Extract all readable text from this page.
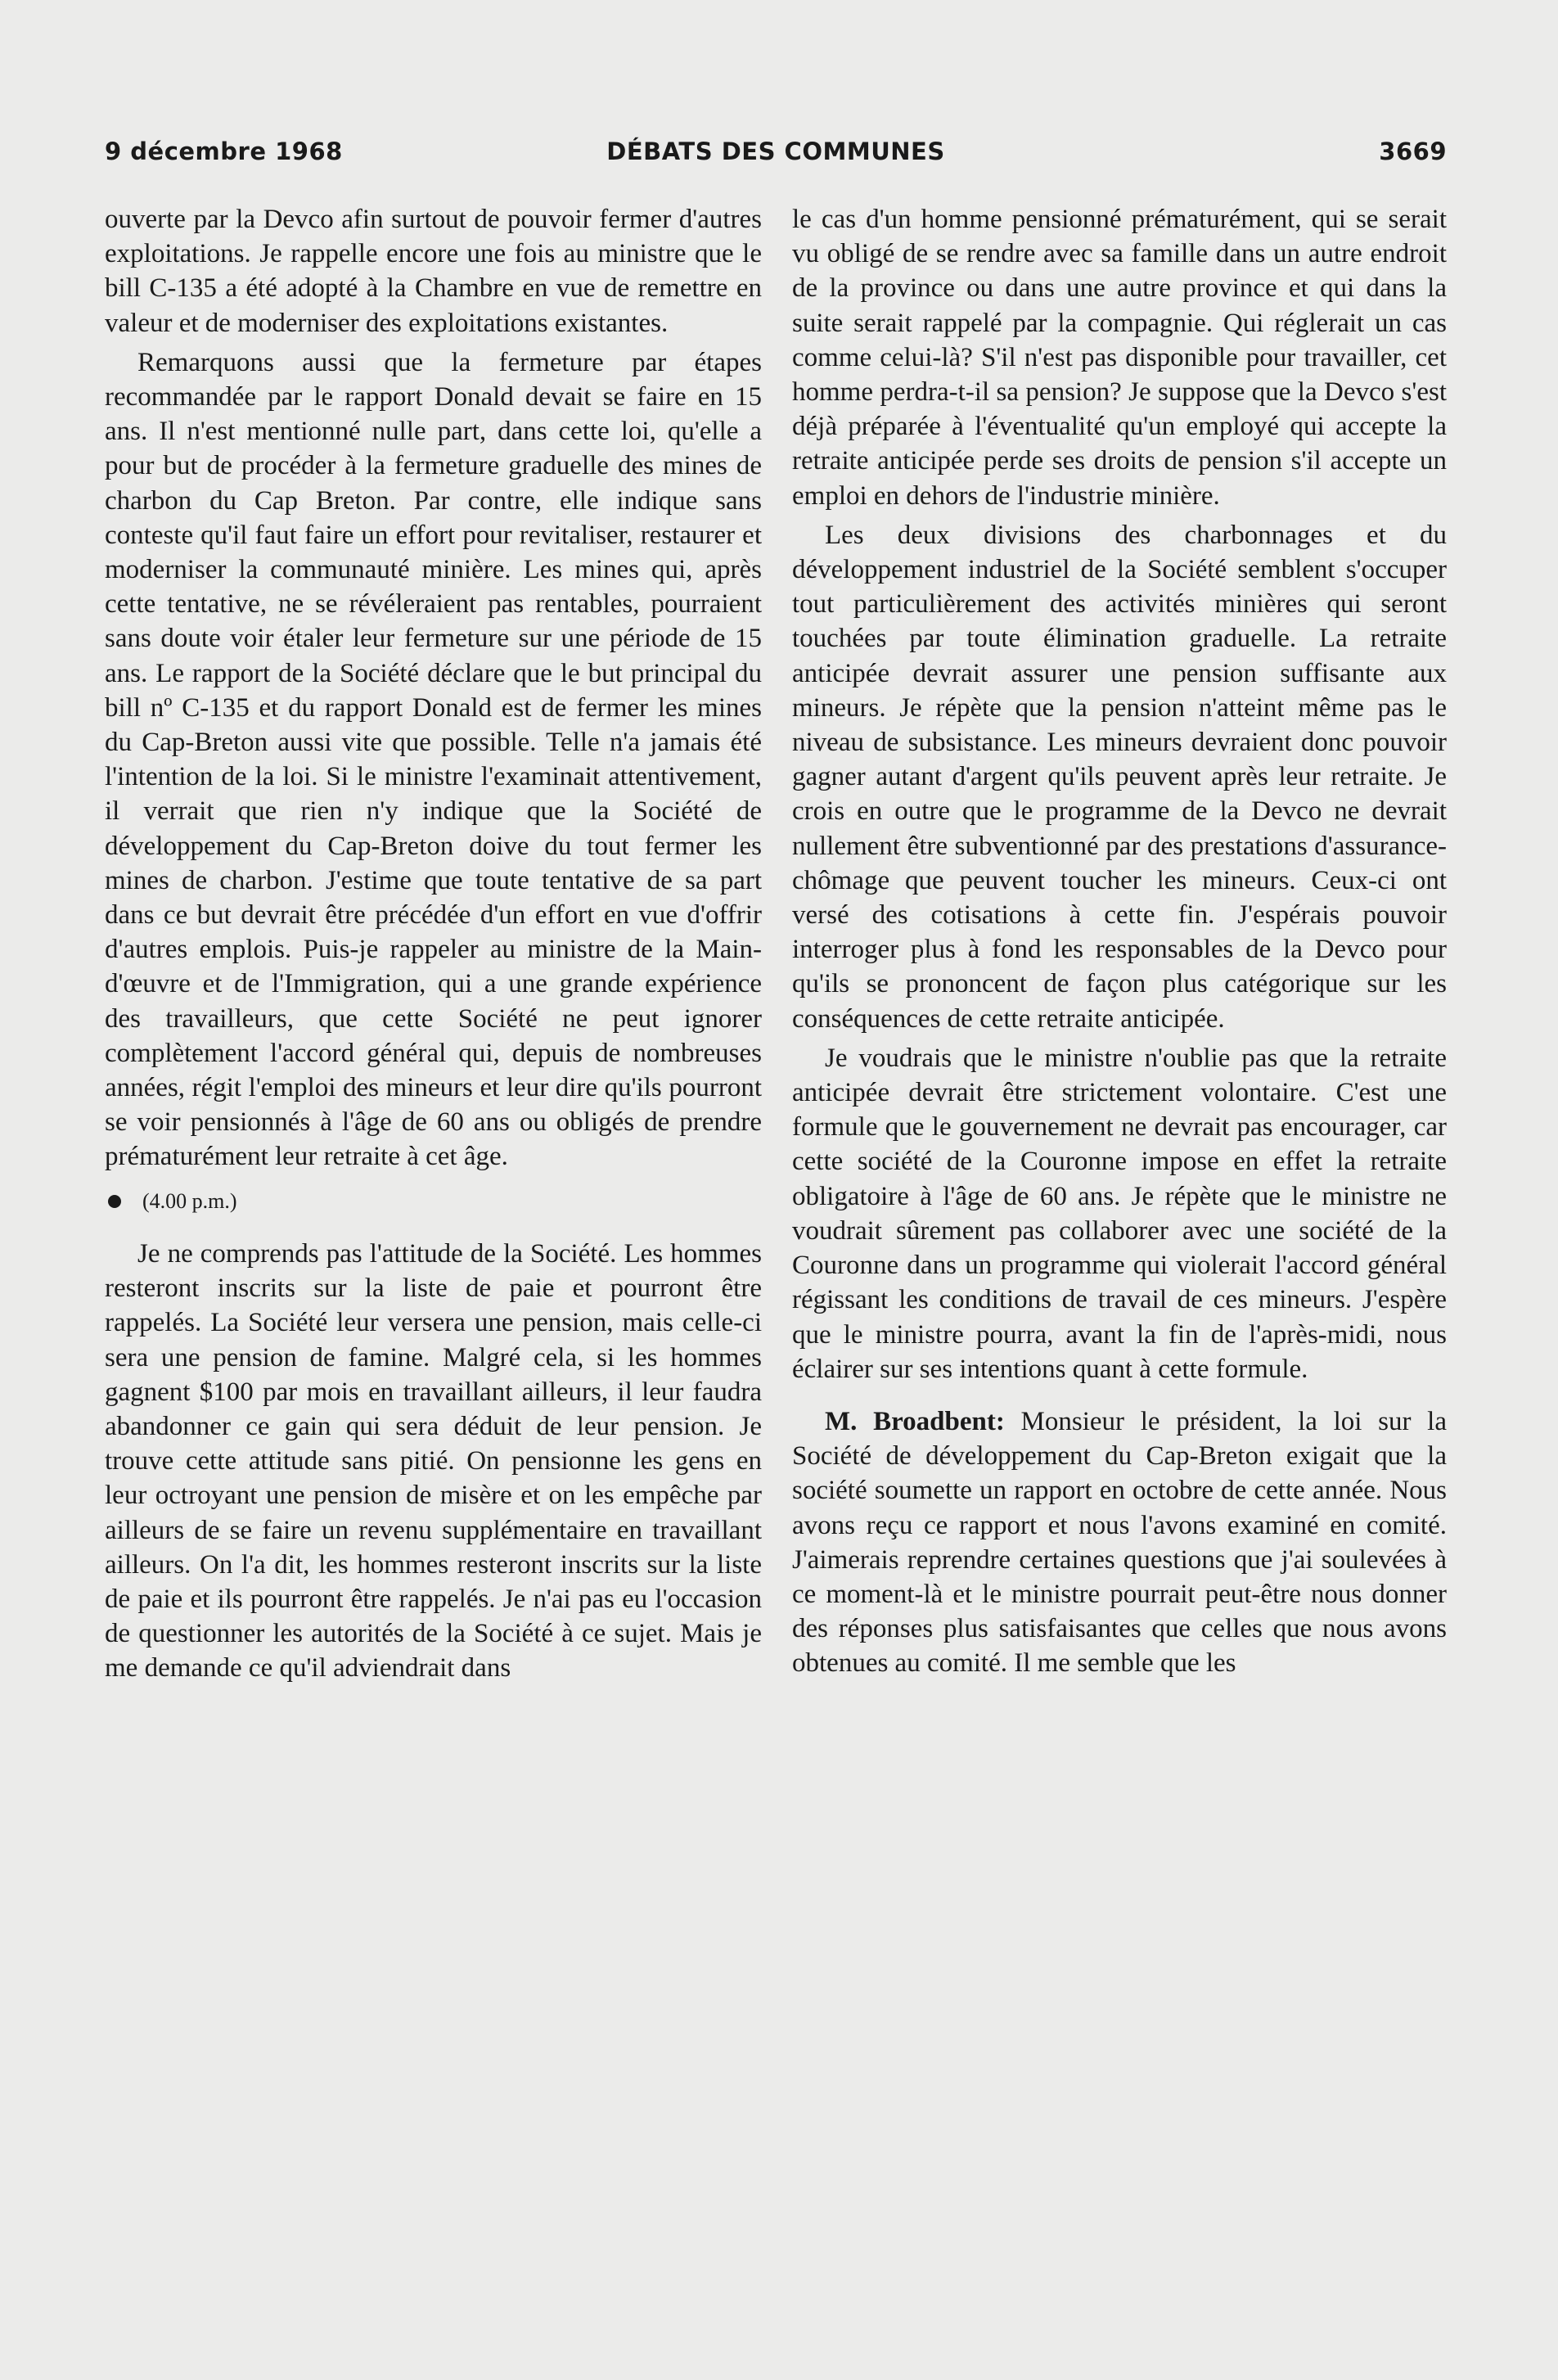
9 décembre 1968	DÉBATS DES COMMUNES	3669

ouverte par la Devco afin surtout de pouvoir fermer d'autres exploitations. Je rappelle encore une fois au ministre que le bill C-135 a été adopté à la Chambre en vue de remettre en valeur et de moderniser des exploitations existantes.

Remarquons aussi que la fermeture par étapes recommandée par le rapport Donald devait se faire en 15 ans. Il n'est mentionné nulle part, dans cette loi, qu'elle a pour but de procéder à la fermeture graduelle des mines de charbon du Cap Breton. Par contre, elle indique sans conteste qu'il faut faire un effort pour revitaliser, restaurer et moderniser la communauté minière. Les mines qui, après cette tentative, ne se révéleraient pas rentables, pourraient sans doute voir étaler leur fermeture sur une période de 15 ans. Le rapport de la Société déclare que le but principal du bill nº C-135 et du rapport Donald est de fermer les mines du Cap-Breton aussi vite que possible. Telle n'a jamais été l'intention de la loi. Si le ministre l'examinait attentivement, il verrait que rien n'y indique que la Société de développement du Cap-Breton doive du tout fermer les mines de charbon. J'estime que toute tentative de sa part dans ce but devrait être précédée d'un effort en vue d'offrir d'autres emplois. Puis-je rappeler au ministre de la Main-d'œuvre et de l'Immigration, qui a une grande expérience des travailleurs, que cette Société ne peut ignorer complètement l'accord général qui, depuis de nombreuses années, régit l'emploi des mineurs et leur dire qu'ils pourront se voir pensionnés à l'âge de 60 ans ou obligés de prendre prématurément leur retraite à cet âge.

(4.00 p.m.)

Je ne comprends pas l'attitude de la Société. Les hommes resteront inscrits sur la liste de paie et pourront être rappelés. La Société leur versera une pension, mais celle-ci sera une pension de famine. Malgré cela, si les hommes gagnent $100 par mois en travaillant ailleurs, il leur faudra abandonner ce gain qui sera déduit de leur pension. Je trouve cette attitude sans pitié. On pensionne les gens en leur octroyant une pension de misère et on les empêche par ailleurs de se faire un revenu supplémentaire en travaillant ailleurs. On l'a dit, les hommes resteront inscrits sur la liste de paie et ils pourront être rappelés. Je n'ai pas eu l'occasion de questionner les autorités de la Société à ce sujet. Mais je me demande ce qu'il adviendrait dans

le cas d'un homme pensionné prématurément, qui se serait vu obligé de se rendre avec sa famille dans un autre endroit de la province ou dans une autre province et qui dans la suite serait rappelé par la compagnie. Qui réglerait un cas comme celui-là? S'il n'est pas disponible pour travailler, cet homme perdra-t-il sa pension? Je suppose que la Devco s'est déjà préparée à l'éventualité qu'un employé qui accepte la retraite anticipée perde ses droits de pension s'il accepte un emploi en dehors de l'industrie minière.

Les deux divisions des charbonnages et du développement industriel de la Société semblent s'occuper tout particulièrement des activités minières qui seront touchées par toute élimination graduelle. La retraite anticipée devrait assurer une pension suffisante aux mineurs. Je répète que la pension n'atteint même pas le niveau de subsistance. Les mineurs devraient donc pouvoir gagner autant d'argent qu'ils peuvent après leur retraite. Je crois en outre que le programme de la Devco ne devrait nullement être subventionné par des prestations d'assurance-chômage que peuvent toucher les mineurs. Ceux-ci ont versé des cotisations à cette fin. J'espérais pouvoir interroger plus à fond les responsables de la Devco pour qu'ils se prononcent de façon plus catégorique sur les conséquences de cette retraite anticipée.

Je voudrais que le ministre n'oublie pas que la retraite anticipée devrait être strictement volontaire. C'est une formule que le gouvernement ne devrait pas encourager, car cette société de la Couronne impose en effet la retraite obligatoire à l'âge de 60 ans. Je répète que le ministre ne voudrait sûrement pas collaborer avec une société de la Couronne dans un programme qui violerait l'accord général régissant les conditions de travail de ces mineurs. J'espère que le ministre pourra, avant la fin de l'après-midi, nous éclairer sur ses intentions quant à cette formule.

M. Broadbent: Monsieur le président, la loi sur la Société de développement du Cap-Breton exigait que la société soumette un rapport en octobre de cette année. Nous avons reçu ce rapport et nous l'avons examiné en comité. J'aimerais reprendre certaines questions que j'ai soulevées à ce moment-là et le ministre pourrait peut-être nous donner des réponses plus satisfaisantes que celles que nous avons obtenues au comité. Il me semble que les
